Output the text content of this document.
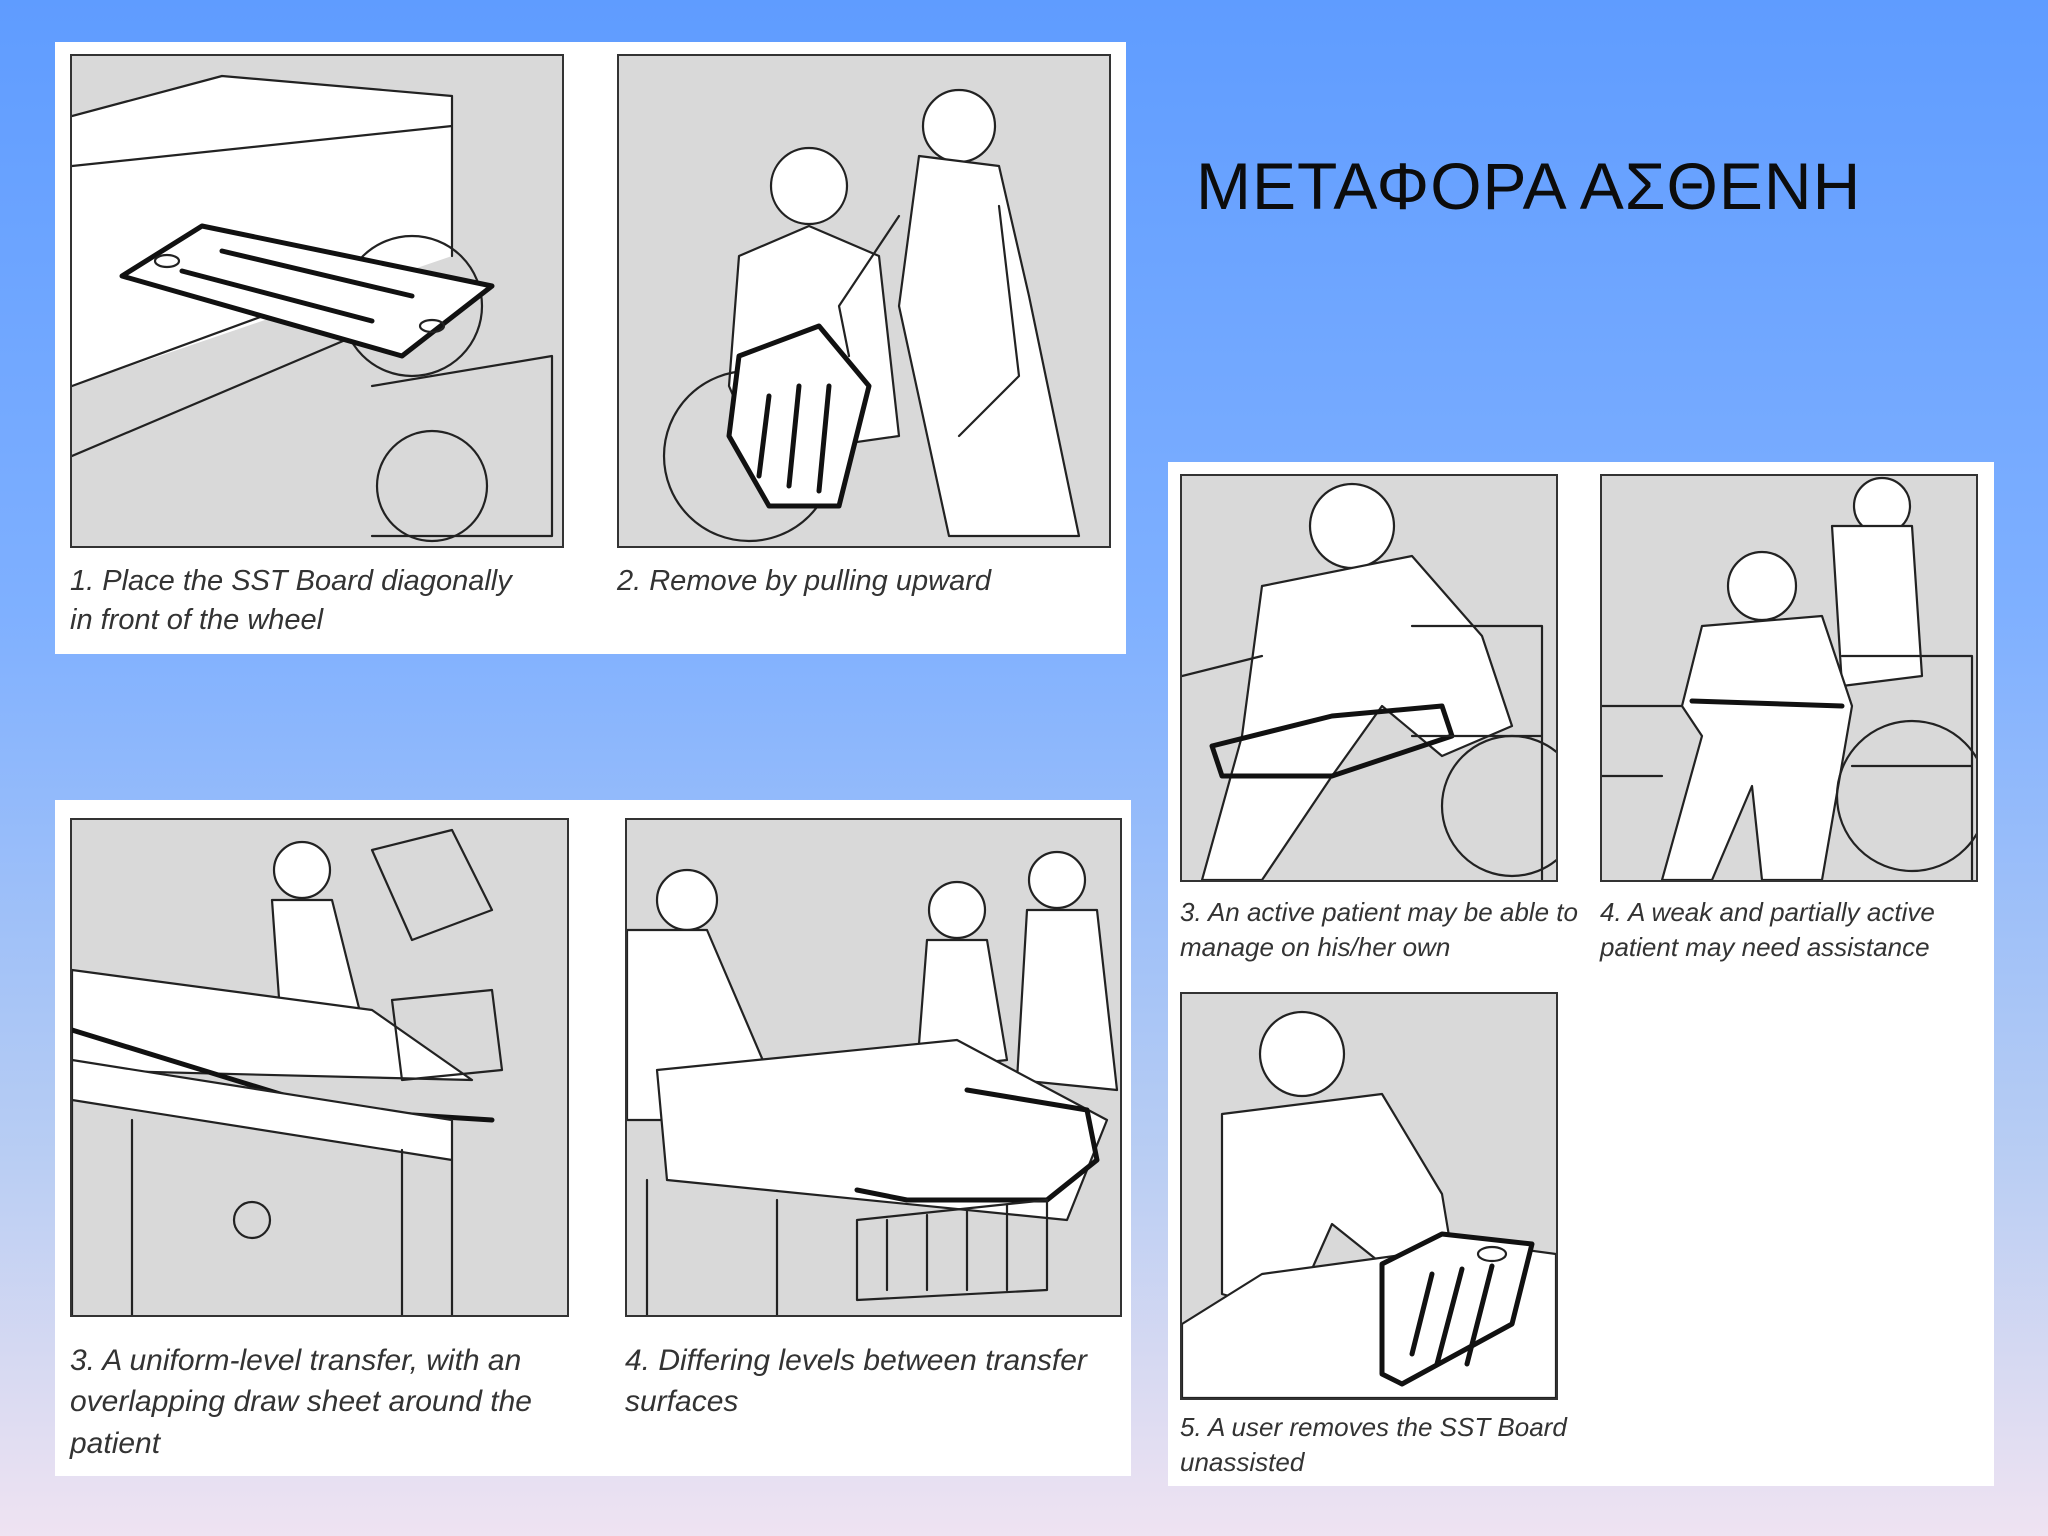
ΜΕΤΑΦΟΡΑ ΑΣΘΕΝΗ
1. Place the SST Board diagonally
in front of the wheel
2. Remove by pulling upward
3. A uniform-level transfer, with an
overlapping draw sheet around the
patient
4. Differing levels between transfer
surfaces
3. An active patient may be able to
manage on his/her own
4. A weak and partially active
patient may need assistance
5. A user removes the SST Board
unassisted
